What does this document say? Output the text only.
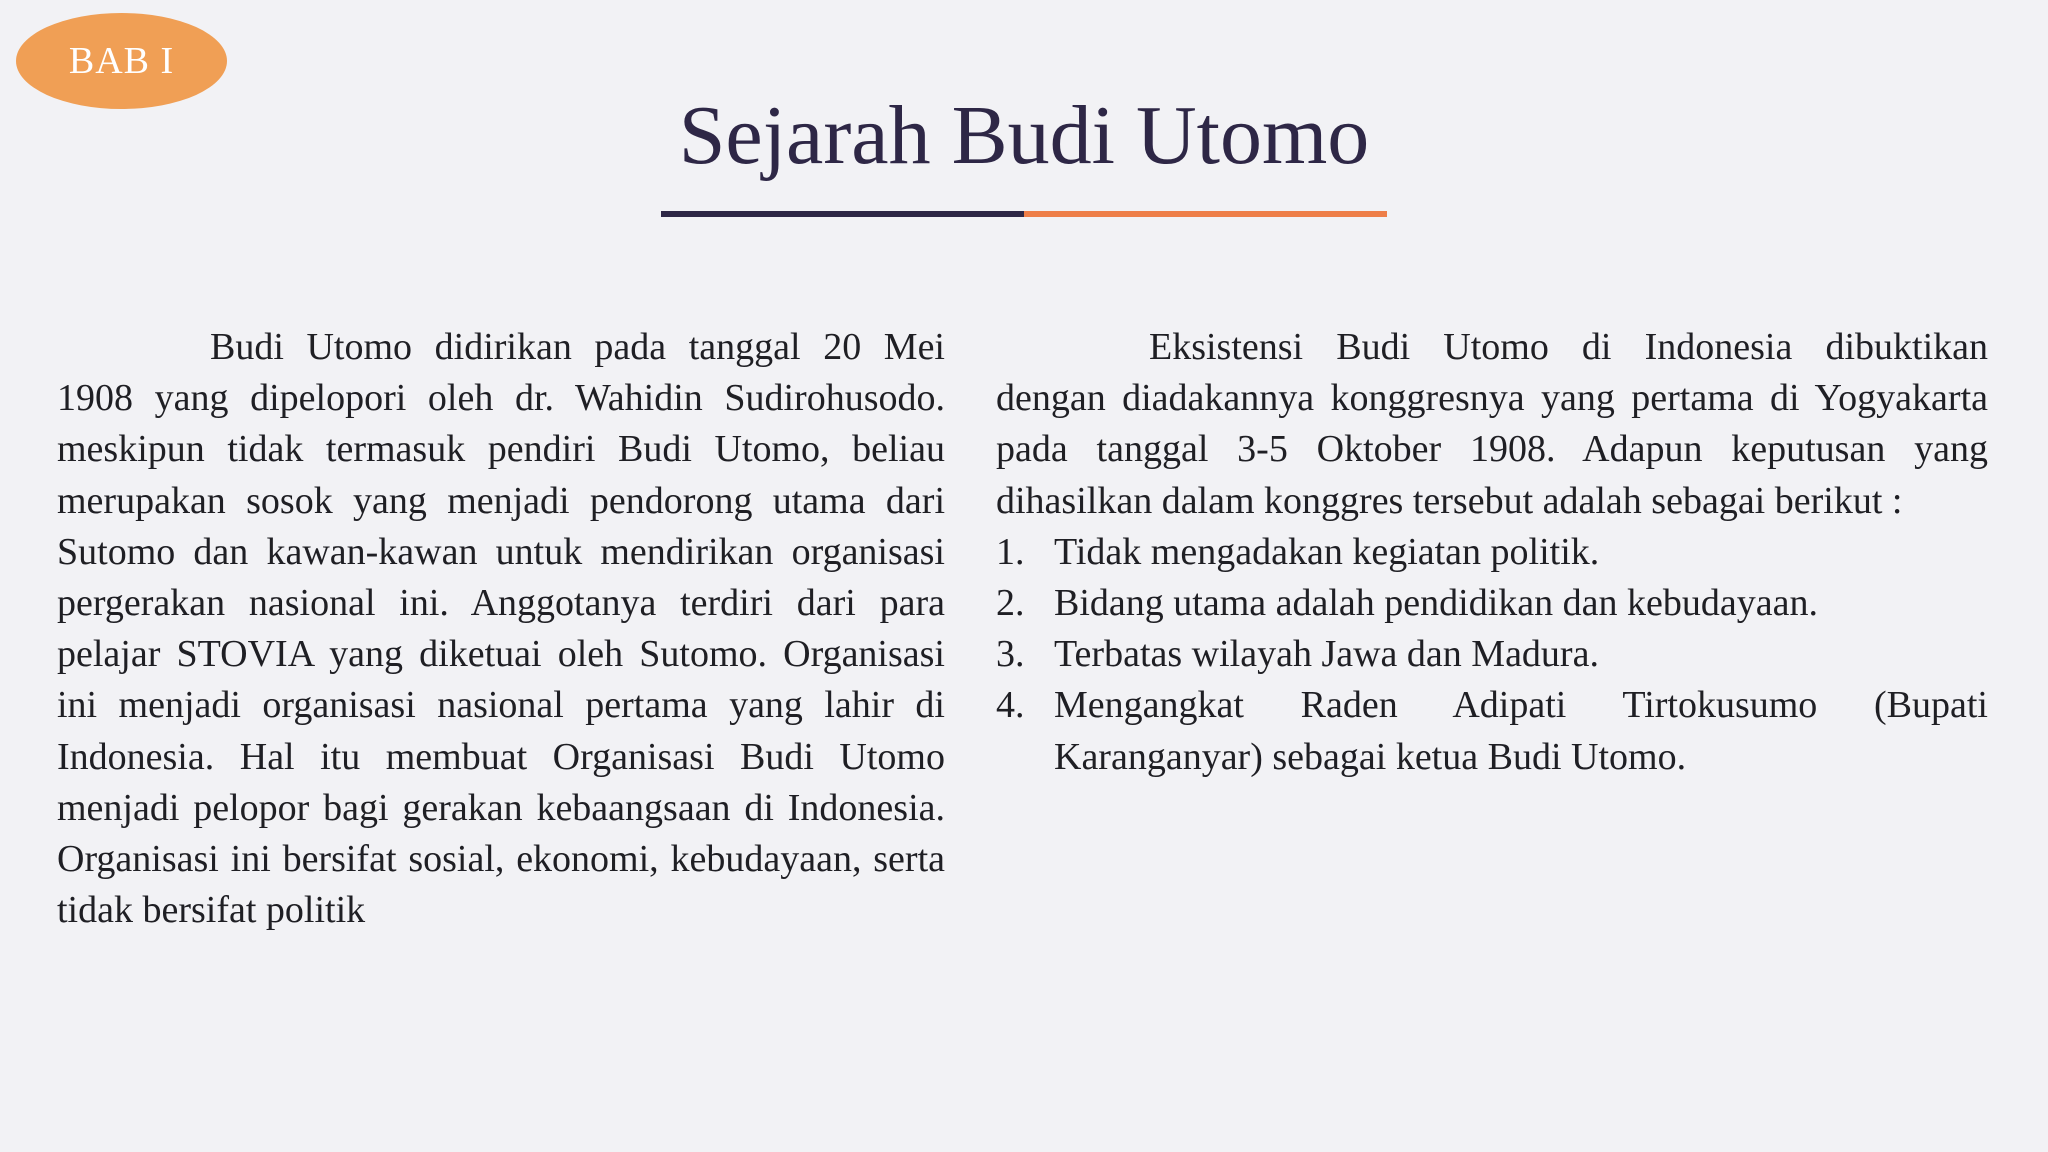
BAB I
Sejarah Budi Utomo

Budi Utomo didirikan pada tanggal 20 Mei 1908 yang dipelopori oleh dr. Wahidin Sudirohusodo. meskipun tidak termasuk pendiri Budi Utomo, beliau merupakan sosok yang menjadi pendorong utama dari Sutomo dan kawan-kawan untuk mendirikan organisasi pergerakan nasional ini. Anggotanya terdiri dari para pelajar STOVIA yang diketuai oleh Sutomo. Organisasi ini menjadi organisasi nasional pertama yang lahir di Indonesia. Hal itu membuat Organisasi Budi Utomo menjadi pelopor bagi gerakan kebaangsaan di Indonesia. Organisasi ini bersifat sosial, ekonomi, kebudayaan, serta tidak bersifat politik

Eksistensi Budi Utomo di Indonesia dibuktikan dengan diadakannya konggresnya yang pertama di Yogyakarta pada tanggal 3-5 Oktober 1908. Adapun keputusan yang dihasilkan dalam konggres tersebut adalah sebagai berikut :

1. Tidak mengadakan kegiatan politik.
2. Bidang utama adalah pendidikan dan kebudayaan.
3. Terbatas wilayah Jawa dan Madura.
4. Mengangkat Raden Adipati Tirtokusumo (Bupati Karanganyar) sebagai ketua Budi Utomo.
